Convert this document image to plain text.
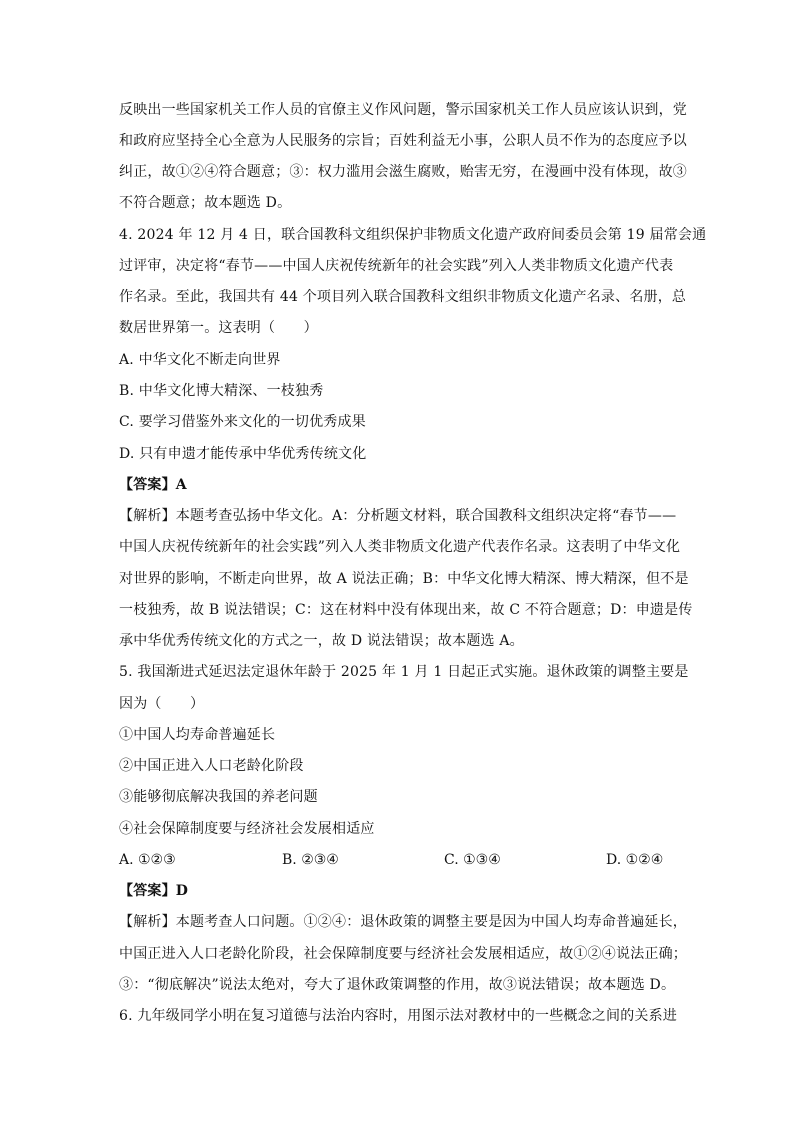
反映出一些国家机关工作人员的官僚主义作风问题，警示国家机关工作人员应该认识到，党
和政府应坚持全心全意为人民服务的宗旨；百姓利益无小事，公职人员不作为的态度应予以
纠正，故①②④符合题意；③：权力滥用会滋生腐败，贻害无穷，在漫画中没有体现，故③
不符合题意；故本题选 D。
4. 2024 年 12 月 4 日，联合国教科文组织保护非物质文化遗产政府间委员会第 19 届常会通
过评审，决定将“春节——中国人庆祝传统新年的社会实践”列入人类非物质文化遗产代表
作名录。至此，我国共有 44 个项目列入联合国教科文组织非物质文化遗产名录、名册，总
数居世界第一。这表明（　　）
A. 中华文化不断走向世界
B. 中华文化博大精深、一枝独秀
C. 要学习借鉴外来文化的一切优秀成果
D. 只有申遗才能传承中华优秀传统文化
【答案】A
【解析】本题考查弘扬中华文化。A：分析题文材料，联合国教科文组织决定将“春节——
中国人庆祝传统新年的社会实践”列入人类非物质文化遗产代表作名录。这表明了中华文化
对世界的影响，不断走向世界，故 A 说法正确；B：中华文化博大精深、博大精深，但不是
一枝独秀，故 B 说法错误；C：这在材料中没有体现出来，故 C 不符合题意；D：申遗是传
承中华优秀传统文化的方式之一，故 D 说法错误；故本题选 A。
5. 我国渐进式延迟法定退休年龄于 2025 年 1 月 1 日起正式实施。退休政策的调整主要是
因为（　　）
①中国人均寿命普遍延长
②中国正进入人口老龄化阶段
③能够彻底解决我国的养老问题
④社会保障制度要与经济社会发展相适应
A. ①②③	B. ②③④	C. ①③④	D. ①②④
【答案】D
【解析】本题考查人口问题。①②④：退休政策的调整主要是因为中国人均寿命普遍延长，
中国正进入人口老龄化阶段，社会保障制度要与经济社会发展相适应，故①②④说法正确；
③：“彻底解决”说法太绝对，夸大了退休政策调整的作用，故③说法错误；故本题选 D。
6. 九年级同学小明在复习道德与法治内容时，用图示法对教材中的一些概念之间的关系进
